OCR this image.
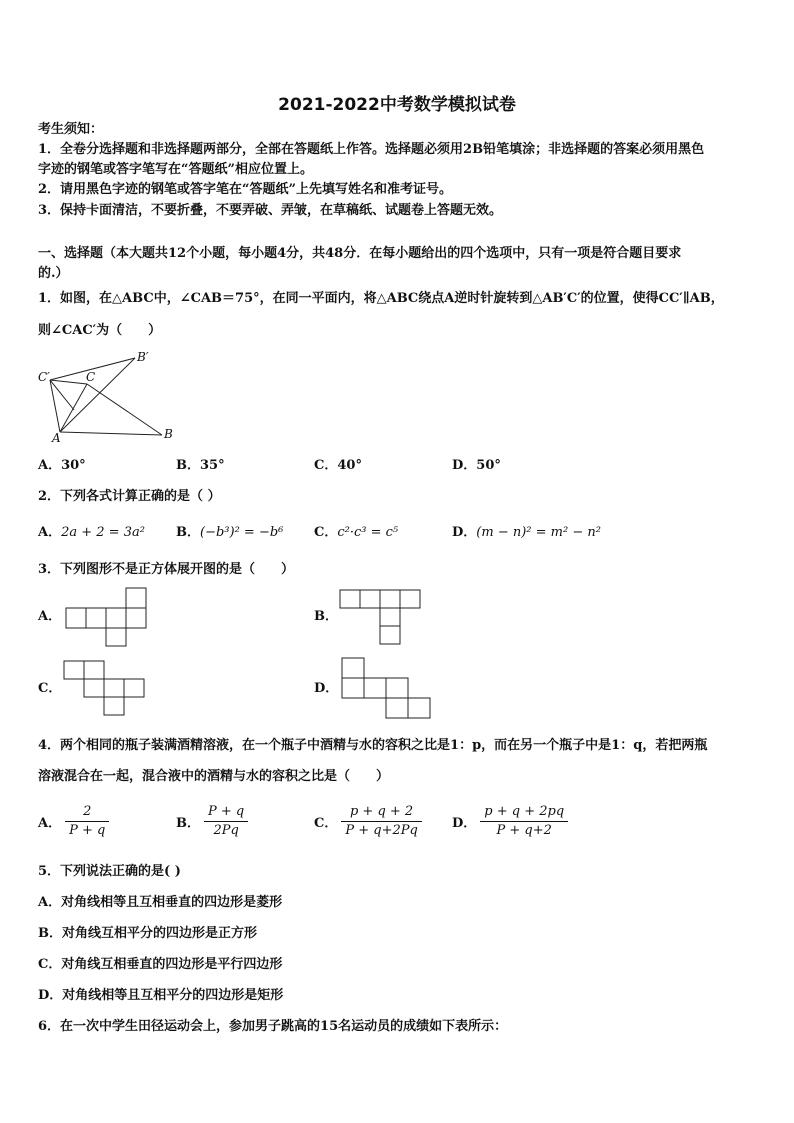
2021-2022中考数学模拟试卷
考生须知：
1．全卷分选择题和非选择题两部分，全部在答题纸上作答。选择题必须用2B铅笔填涂；非选择题的答案必须用黑色
字迹的钢笔或答字笔写在“答题纸”相应位置上。
2．请用黑色字迹的钢笔或答字笔在“答题纸”上先填写姓名和准考证号。
3．保持卡面清洁，不要折叠，不要弄破、弄皱，在草稿纸、试题卷上答题无效。
一、选择题（本大题共12个小题，每小题4分，共48分．在每小题给出的四个选项中，只有一项是符合题目要求
的.）
1．如图，在△ABC中，∠CAB＝75°，在同一平面内，将△ABC绕点A逆时针旋转到△AB′C′的位置，使得CC′∥AB，
则∠CAC′为（　　）
C′	C
B′
A	B
A．30°	B．35°	C．40°	D．50°
2．下列各式计算正确的是（ ）
A．2a + 2 = 3a² B．(−b³)² = −b⁶ C．c²·c³ = c⁵	D．(m − n)² = m² − n²
3．下列图形不是正方体展开图的是（　　）
A．	B．
C．	D．
4．两个相同的瓶子装满酒精溶液，在一个瓶子中酒精与水的容积之比是1：p，而在另一个瓶子中是1：q，若把两瓶
溶液混合在一起，混合液中的酒精与水的容积之比是（　　）
A． $\frac{2}{P + q}$	B． $\frac{P + q}{2Pq}$	C． $\frac{p + q + 2}{P + q+2Pq}$ D． $\frac{p + q + 2pq}{P + q+2}$
5．下列说法正确的是( )
A．对角线相等且互相垂直的四边形是菱形
B．对角线互相平分的四边形是正方形
C．对角线互相垂直的四边形是平行四边形
D．对角线相等且互相平分的四边形是矩形
6．在一次中学生田径运动会上，参加男子跳高的15名运动员的成绩如下表所示：
